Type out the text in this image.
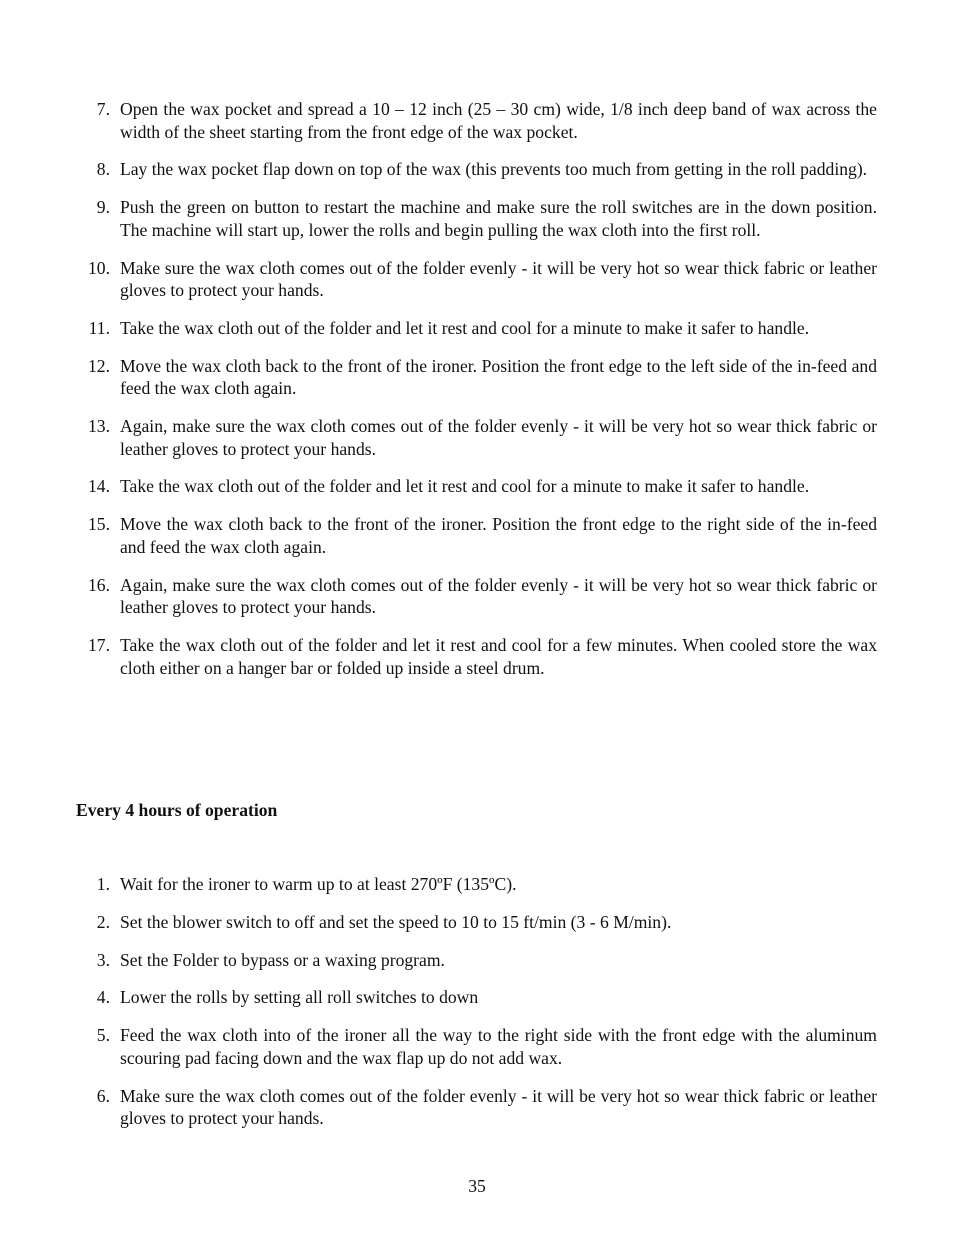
7. Open the wax pocket and spread a 10 – 12 inch (25 – 30 cm) wide, 1/8 inch deep band of wax across the width of the sheet starting from the front edge of the wax pocket.
8. Lay the wax pocket flap down on top of the wax (this prevents too much from getting in the roll padding).
9. Push the green on button to restart the machine and make sure the roll switches are in the down position. The machine will start up, lower the rolls and begin pulling the wax cloth into the first roll.
10. Make sure the wax cloth comes out of the folder evenly - it will be very hot so wear thick fabric or leather gloves to protect your hands.
11. Take the wax cloth out of the folder and let it rest and cool for a minute to make it safer to handle.
12. Move the wax cloth back to the front of the ironer. Position the front edge to the left side of the in-feed and feed the wax cloth again.
13. Again, make sure the wax cloth comes out of the folder evenly - it will be very hot so wear thick fabric or leather gloves to protect your hands.
14. Take the wax cloth out of the folder and let it rest and cool for a minute to make it safer to handle.
15. Move the wax cloth back to the front of the ironer. Position the front edge to the right side of the in-feed and feed the wax cloth again.
16. Again, make sure the wax cloth comes out of the folder evenly - it will be very hot so wear thick fabric or leather gloves to protect your hands.
17. Take the wax cloth out of the folder and let it rest and cool for a few minutes. When cooled store the wax cloth either on a hanger bar or folded up inside a steel drum.
Every 4 hours of operation
1. Wait for the ironer to warm up to at least 270ºF (135ºC).
2. Set the blower switch to off and set the speed to 10 to 15 ft/min (3 - 6 M/min).
3. Set the Folder to bypass or a waxing program.
4. Lower the rolls by setting all roll switches to down
5. Feed the wax cloth into of the ironer all the way to the right side with the front edge with the aluminum scouring pad facing down and the wax flap up do not add wax.
6. Make sure the wax cloth comes out of the folder evenly - it will be very hot so wear thick fabric or leather gloves to protect your hands.
35
